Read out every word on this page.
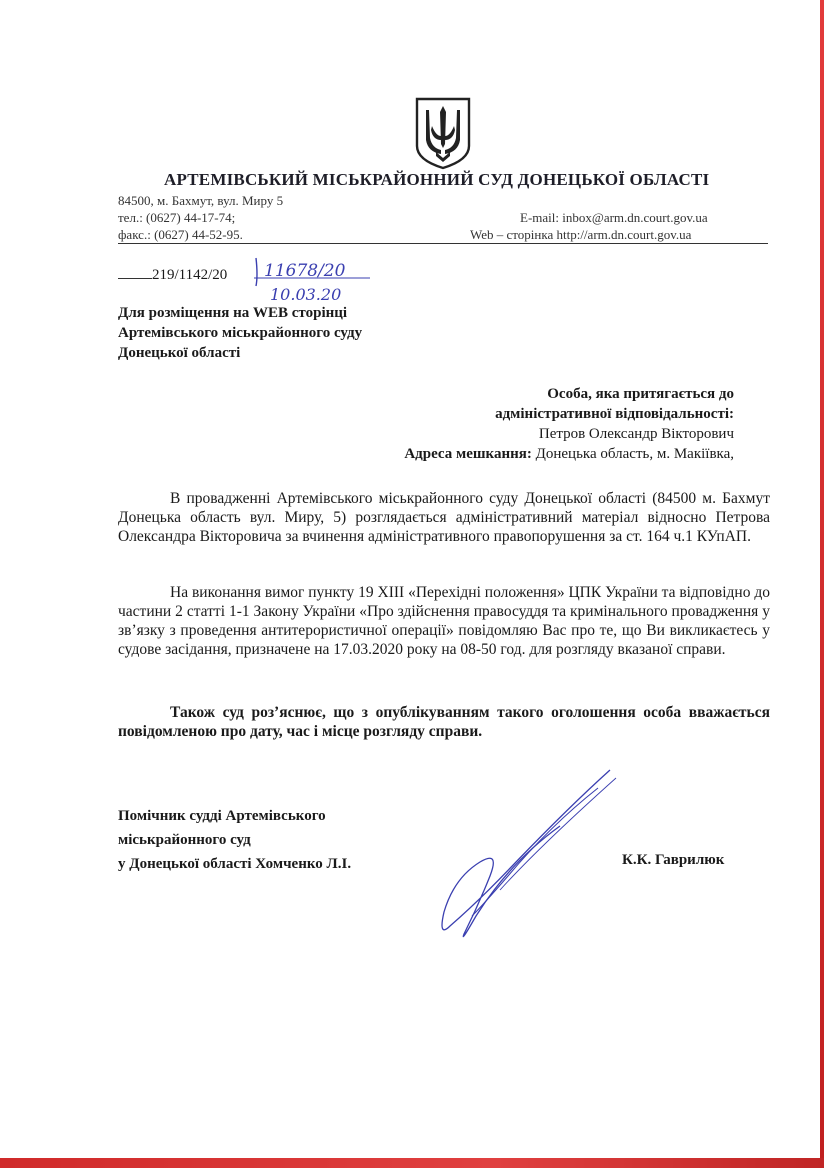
АРТЕМІВСЬКИЙ МІСЬКРАЙОННИЙ СУД ДОНЕЦЬКОЇ ОБЛАСТІ
84500, м. Бахмут, вул. Миру 5
тел.: (0627) 44-17-74;
факс.: (0627) 44-52-95.
E-mail: inbox@arm.dn.court.gov.ua
Web – сторінка http://arm.dn.court.gov.ua
219/1142/20 11678/20
10.03.20
Для розміщення на WEB сторінці
Артемівського міськрайонного суду
Донецької області
Особа, яка притягається до
адміністративної відповідальності:
Петров Олександр Вікторович
Адреса мешкання: Донецька область, м. Макіївка,
В провадженні Артемівського міськрайонного суду Донецької області (84500 м. Бахмут Донецька область вул. Миру, 5) розглядається адміністративний матеріал відносно Петрова Олександра Вікторовича за вчинення адміністративного правопорушення за ст. 164 ч.1 КУпАП.
На виконання вимог пункту 19 ХІІІ «Перехідні положення» ЦПК України та відповідно до частини 2 статті 1-1 Закону України «Про здійснення правосуддя та кримінального провадження у зв’язку з проведення антитерористичної операції» повідомляю Вас про те, що Ви викликаєтесь у судове засідання, призначене на 17.03.2020 року на 08-50 год. для розгляду вказаної справи.
Також суд роз’яснює, що з опублікуванням такого оголошення особа вважається повідомленою про дату, час і місце розгляду справи.
Помічник судді Артемівського
міськрайонного суд
у Донецької області Хомченко Л.І.	К.К. Гаврилюк
